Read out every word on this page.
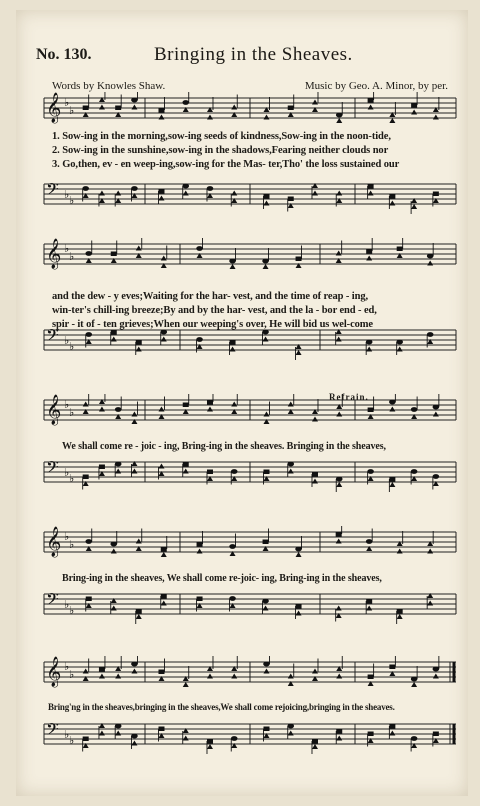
No. 130.	Bringing in the Sheaves.
Words by Knowles Shaw.	Music by Geo. A. Minor, by per.
𝄞 ♭
♭
𝄢 ♭ ♭
1. Sow-ing in the morning,sow-ing seeds of kindness,Sow-ing in the noon-tide,
2. Sow-ing in the sunshine,sow-ing in the shadows,Fearing neither clouds nor
3. Go,then, ev - en weep-ing,sow-ing for the Mas- ter,Tho' the loss sustained our
𝄞 ♭
♭
𝄢 ♭ ♭
and the dew - y eves;Waiting for the har- vest, and the time of reap - ing,
win-ter's chill-ing breeze;By and by the har- vest, and the la - bor end - ed,
spir - it of - ten grieves;When our weeping's over, He will bid us wel-come
𝄞 ♭
♭
𝄢 ♭ ♭
Refrain.
We shall come re - joic - ing, Bring-ing in the sheaves. Bringing in the sheaves,
𝄞 ♭
♭
𝄢 ♭ ♭
Bring-ing in the sheaves, We shall come re-joic- ing, Bring-ing in the sheaves,
𝄞 ♭
♭
𝄢 ♭ ♭
Bring'ng in the sheaves,bringing in the sheaves,We shall come rejoicing,bringing in the sheaves.
